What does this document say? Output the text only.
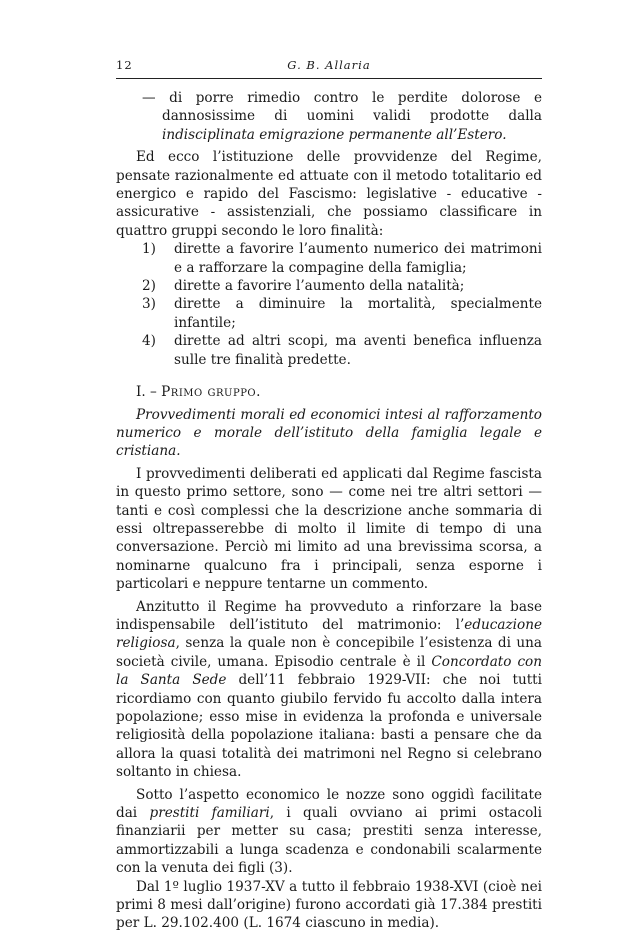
12	G. B. Allaria

— di porre rimedio contro le perdite dolorose e dannosissime di uomini validi prodotte dalla indisciplinata emigrazione permanente all’Estero.

Ed ecco l’istituzione delle provvidenze del Regime, pensate razionalmente ed attuate con il metodo totalitario ed energico e rapido del Fascismo: legislative - educative - assicurative - assistenziali, che possiamo classificare in quattro gruppi secondo le loro finalità:

1) dirette a favorire l’aumento numerico dei matrimoni e a rafforzare la compagine della famiglia;

2) dirette a favorire l’aumento della natalità;

3) dirette a diminuire la mortalità, specialmente infantile;

4) dirette ad altri scopi, ma aventi benefica influenza sulle tre finalità predette.

I. – Primo gruppo.

Provvedimenti morali ed economici intesi al rafforzamento numerico e morale dell’istituto della famiglia legale e cristiana.

I provvedimenti deliberati ed applicati dal Regime fascista in questo primo settore, sono — come nei tre altri settori — tanti e così complessi che la descrizione anche sommaria di essi oltrepasserebbe di molto il limite di tempo di una conversazione. Perciò mi limito ad una brevissima scorsa, a nominarne qualcuno fra i principali, senza esporne i particolari e neppure tentarne un commento.

Anzitutto il Regime ha provveduto a rinforzare la base indispensabile dell’istituto del matrimonio: l’educazione religiosa, senza la quale non è concepibile l’esistenza di una società civile, umana. Episodio centrale è il Concordato con la Santa Sede dell’11 febbraio 1929-VII: che noi tutti ricordiamo con quanto giubilo fervido fu accolto dalla intera popolazione; esso mise in evidenza la profonda e universale religiosità della popolazione italiana: basti a pensare che da allora la quasi totalità dei matrimoni nel Regno si celebrano soltanto in chiesa.

Sotto l’aspetto economico le nozze sono oggidì facilitate dai prestiti familiari, i quali ovviano ai primi ostacoli finanziarii per metter su casa; prestiti senza interesse, ammortizzabili a lunga scadenza e condonabili scalarmente con la venuta dei figli (3).

Dal 1º luglio 1937-XV a tutto il febbraio 1938-XVI (cioè nei primi 8 mesi dall’origine) furono accordati già 17.384 prestiti per L. 29.102.400 (L. 1674 ciascuno in media).
